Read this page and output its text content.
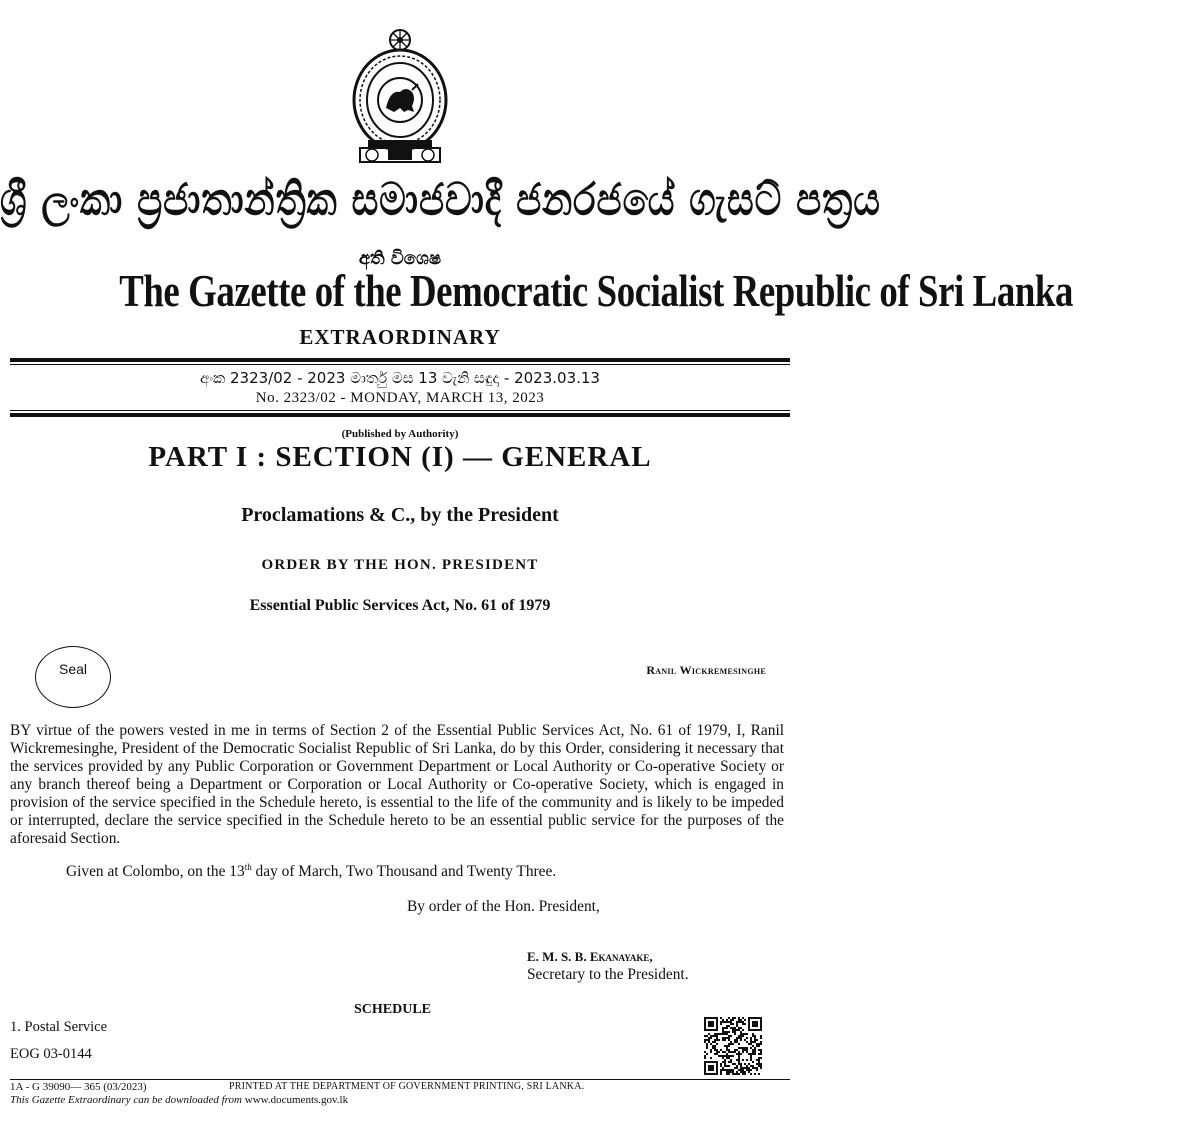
ශ්‍රී ලංකා ප්‍රජාතාන්ත්‍රික සමාජවාදී ජනරජයේ ගැසට් පත්‍රය
අති විශෙෂ
The Gazette of the Democratic Socialist Republic of Sri Lanka
EXTRAORDINARY
අංක 2323/02 - 2023 මාර්තු මස 13 වැනි සඳුදා - 2023.03.13
No. 2323/02 - MONDAY, MARCH 13, 2023
(Published by Authority)
PART I : SECTION (I) — GENERAL
Proclamations & C., by the President
ORDER BY THE HON. PRESIDENT
Essential Public Services Act, No. 61 of 1979
Seal	Ranil Wickremesinghe
BY virtue of the powers vested in me in terms of Section 2 of the Essential Public Services Act, No. 61 of 1979, I, Ranil Wickremesinghe, President of the Democratic Socialist Republic of Sri Lanka, do by this Order, considering it necessary that the services provided by any Public Corporation or Government Department or Local Authority or Co-operative Society or any branch thereof being a Department or Corporation or Local Authority or Co-operative Society, which is engaged in provision of the service specified in the Schedule hereto, is essential to the life of the community and is likely to be impeded or interrupted, declare the service specified in the Schedule hereto to be an essential public service for the purposes of the aforesaid Section.
Given at Colombo, on the 13th day of March, Two Thousand and Twenty Three.
By order of the Hon. President,
E. M. S. B. Ekanayake,
Secretary to the President.
SCHEDULE
1. Postal Service
EOG 03-0144
1A - G 39090— 365 (03/2023)	PRINTED AT THE DEPARTMENT OF GOVERNMENT PRINTING, SRI LANKA.
This Gazette Extraordinary can be downloaded from www.documents.gov.lk
